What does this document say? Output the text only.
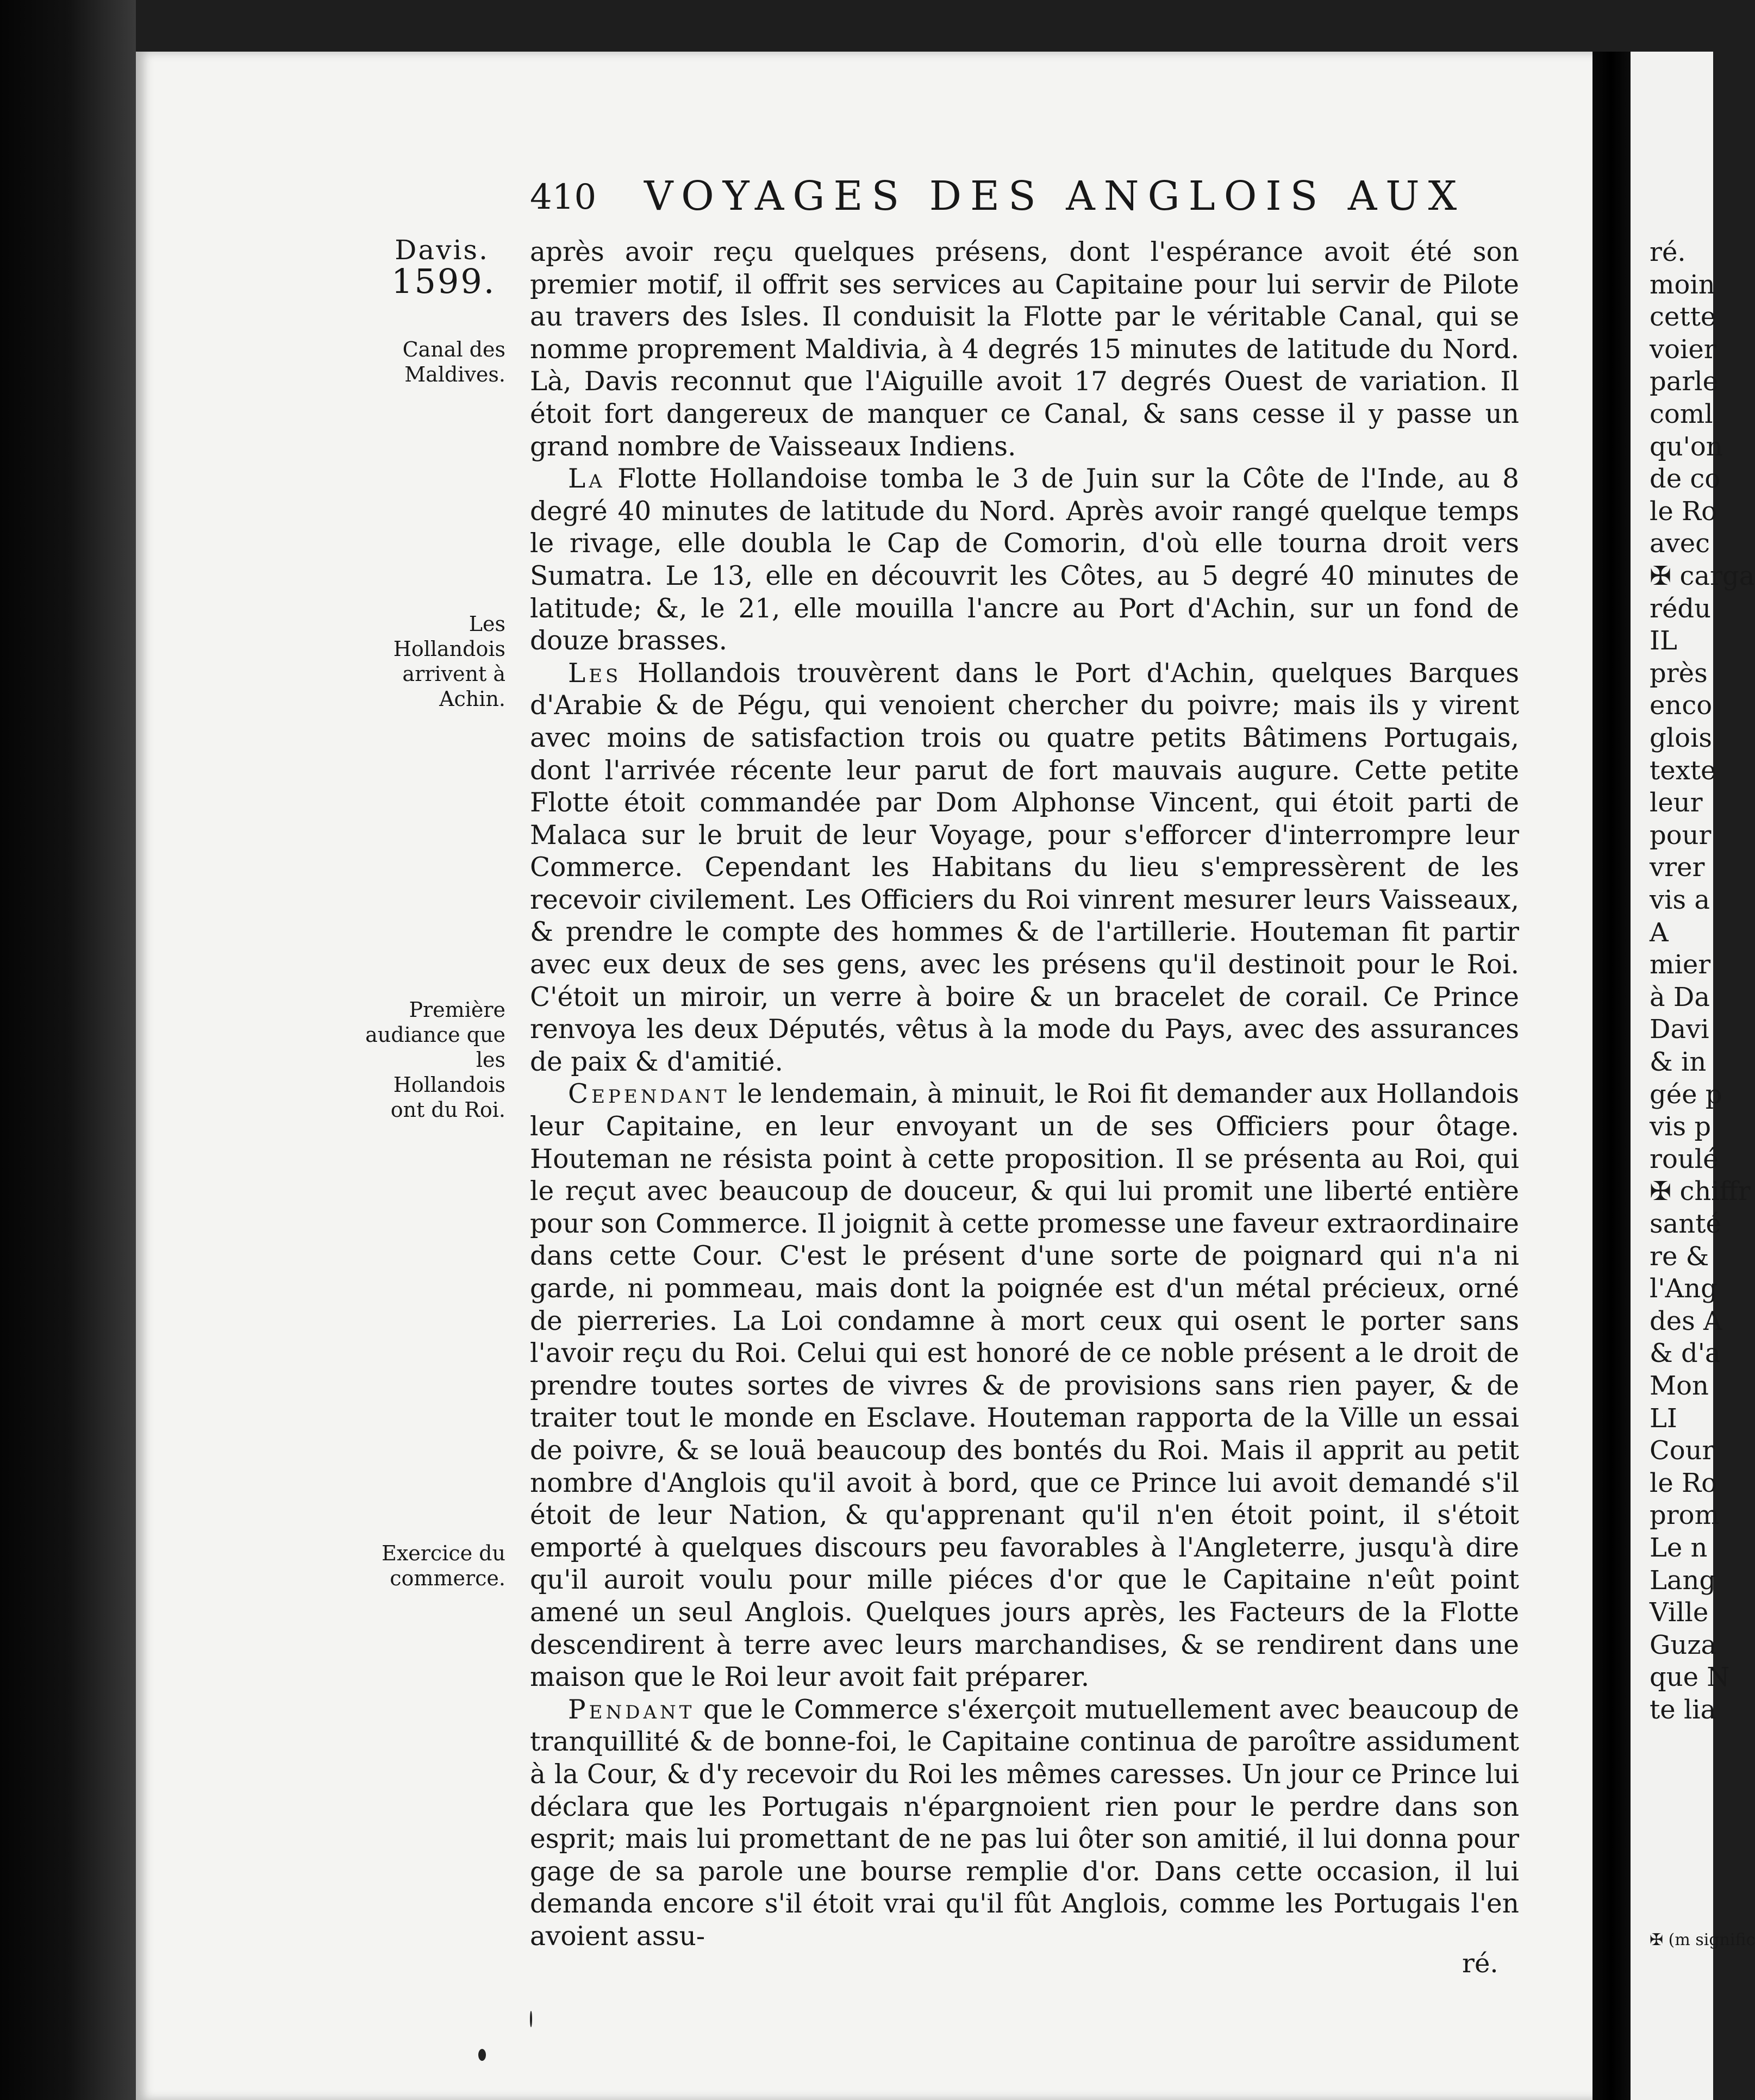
410 VOYAGES DES ANGLOIS AUX
Davis.
1599.
Canal des Maldives.
Les Hollandois arrivent à Achin.
Première audiance que les Hollandois ont du Roi.
Exercice du commerce.

après avoir reçu quelques présens, dont l'espérance avoit été son premier motif, il offrit ses services au Capitaine pour lui servir de Pilote au travers des Isles. Il conduisit la Flotte par le véritable Canal, qui se nomme proprement Maldivia, à 4 degrés 15 minutes de latitude du Nord. Là, Davis reconnut que l'Aiguille avoit 17 degrés Ouest de variation. Il étoit fort dangereux de manquer ce Canal, & sans cesse il y passe un grand nombre de Vaisseaux Indiens.

La Flotte Hollandoise tomba le 3 de Juin sur la Côte de l'Inde, au 8 degré 40 minutes de latitude du Nord. Après avoir rangé quelque temps le rivage, elle doubla le Cap de Comorin, d'où elle tourna droit vers Sumatra. Le 13, elle en découvrit les Côtes, au 5 degré 40 minutes de latitude; &, le 21, elle mouilla l'ancre au Port d'Achin, sur un fond de douze brasses.

Les Hollandois trouvèrent dans le Port d'Achin, quelques Barques d'Arabie & de Pégu, qui venoient chercher du poivre; mais ils y virent avec moins de satisfaction trois ou quatre petits Bâtimens Portugais, dont l'arrivée récente leur parut de fort mauvais augure. Cette petite Flotte étoit commandée par Dom Alphonse Vincent, qui étoit parti de Malaca sur le bruit de leur Voyage, pour s'efforcer d'interrompre leur Commerce. Cependant les Habitans du lieu s'empressèrent de les recevoir civilement. Les Officiers du Roi vinrent mesurer leurs Vaisseaux, & prendre le compte des hommes & de l'artillerie. Houteman fit partir avec eux deux de ses gens, avec les présens qu'il destinoit pour le Roi. C'étoit un miroir, un verre à boire & un bracelet de corail. Ce Prince renvoya les deux Députés, vêtus à la mode du Pays, avec des assurances de paix & d'amitié.

Cependant le lendemain, à minuit, le Roi fit demander aux Hollandois leur Capitaine, en leur envoyant un de ses Officiers pour ôtage. Houteman ne résista point à cette proposition. Il se présenta au Roi, qui le reçut avec beaucoup de douceur, & qui lui promit une liberté entière pour son Commerce. Il joignit à cette promesse une faveur extraordinaire dans cette Cour. C'est le présent d'une sorte de poignard qui n'a ni garde, ni pommeau, mais dont la poignée est d'un métal précieux, orné de pierreries. La Loi condamne à mort ceux qui osent le porter sans l'avoir reçu du Roi. Celui qui est honoré de ce noble présent a le droit de prendre toutes sortes de vivres & de provisions sans rien payer, & de traiter tout le monde en Esclave. Houteman rapporta de la Ville un essai de poivre, & se louä beaucoup des bontés du Roi. Mais il apprit au petit nombre d'Anglois qu'il avoit à bord, que ce Prince lui avoit demandé s'il étoit de leur Nation, & qu'apprenant qu'il n'en étoit point, il s'étoit emporté à quelques discours peu favorables à l'Angleterre, jusqu'à dire qu'il auroit voulu pour mille piéces d'or que le Capitaine n'eût point amené un seul Anglois. Quelques jours après, les Facteurs de la Flotte descendirent à terre avec leurs marchandises, & se rendirent dans une maison que le Roi leur avoit fait préparer.

Pendant que le Commerce s'éxerçoit mutuellement avec beaucoup de tranquillité & de bonne-foi, le Capitaine continua de paroître assidument à la Cour, & d'y recevoir du Roi les mêmes caresses. Un jour ce Prince lui déclara que les Portugais n'épargnoient rien pour le perdre dans son esprit; mais lui promettant de ne pas lui ôter son amitié, il lui donna pour gage de sa parole une bourse remplie d'or. Dans cette occasion, il lui demanda encore s'il étoit vrai qu'il fût Anglois, comme les Portugais l'en avoient assu-

ré.
ré.
moin
cette
voier
parle
coml
qu'on
de co
le Ro
avec
✠ carga
rédu
IL
près
enco
glois
texte
leur
pour
vrer
vis a
A
mier
à Da
Davi
& in
gée p
vis p
roulé
✠ chiffr
santé
re &
l'Ang
des A
& d'a
Mon
LI
Cour
le Ro
prom
Le n
Lang
Ville
Guza
que N
te lia
✠ (m signific
